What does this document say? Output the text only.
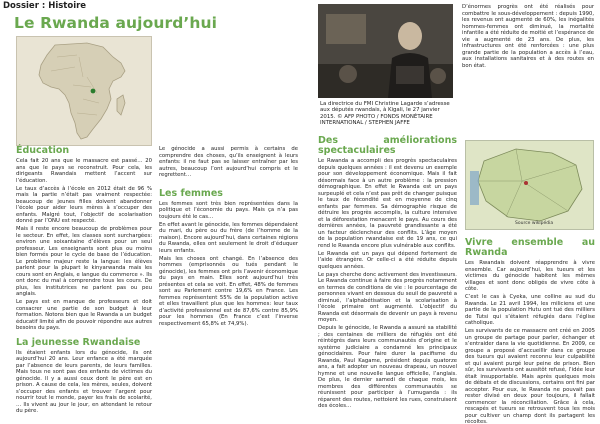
Dossier : Histoire
Le Rwanda aujourd’hui
Éducation

Cela fait 20 ans que le massacre est passé… 20 ans que le pays se reconstruit. Pour cela, les dirigeants Rwandais mettent l’accent sur l’éducation.

Le taux d’accès à l’école en 2012 était de 96 % mais la partie n’était pas vraiment respectée: beaucoup de jeunes filles doivent abandonner l’école pour aider leurs mères à s’occuper des enfants. Malgré tout, l’objectif de scolarisation donné par l’ONU est respecté.

Mais il reste encore beaucoup de problèmes pour le secteur. En effet, les classes sont surchargées: environ une soixantaine d’élèves pour un seul professeur. Les enseignants sont plus ou moins bien formés pour le cycle de base de l’éducation. Le problème majeur reste la langue: les élèves parlent pour la plupart le kinyarwanda mais les cours sont en Anglais, e langue du commerce ». Ils ont donc du mal à comprendre tous les cours. De plus, les institutrices ne parlent pas ou peu anglais.

Le pays est en manque de professeurs et doit consacrer une partie de son budget à leur formation. Notons bien que le Rwanda a un budget éducatif limité afin de pouvoir répondre aux autres besoins du pays.

La jeunesse Rwandaise

Ils étaient enfants lors du génocide, ils ont aujourd’hui 20 ans. Leur enfance a été marquée par l’absence de leurs parents, de leurs familles. Mais tous ne sont pas des enfants de victimes du génocide. Il y a aussi ceux dont le père est en prison. A cause de cela, les mères, seules, doivent s’occuper des enfants et trouver l’argent pour nourrir tout le monde, payer les frais de scolarité, … Ils vivent au jour le jour, en attendant le retour du père.

Le génocide a aussi permis à certains de comprendre des choses, qu’ils enseignent à leurs enfants: il ne faut pas se laisser entraîner par les autres, beaucoup l’ont aujourd’hui compris et le regrettent…

Les femmes

Les femmes sont très bien représentées dans la politique et l’économie du pays. Mais ça n’a pas toujours été le cas…

En effet avant le génocide, les femmes dépendaient du mari, du père ou du frère (de l’homme de la maison). Encore aujourd’hui, dans certaines régions du Rwanda, elles ont seulement le droit d’éduquer leurs enfants.

Mais les choses ont changé. En l’absence des hommes (emprisonnés ou tués pendant le génocide), les femmes ont pris l’avenir économique du pays en main. Elles sont aujourd’hui très présentes et cela se voit. En effet, 48% de femmes sont au Parlement contre 19,6% en France. Les femmes représentent 55% de la population active et elles travaillent plus que les hommes: leur taux d’activité professionnel est de 87,6% contre 85,9% pour les hommes (En France c’est l’inverse respectivement 65,8% et 74,9%).

La directrice du FMI Christine Lagarde s’adresse aux députés rwandais, à Kigali, le 27 janvier 2015. © AFP PHOTO / FONDS MONÉTAIRE INTERNATIONAL / STEPHEN JAFFE
Des améliorations spectaculaires

Le Rwanda a accompli des progrès spectaculaires depuis quelques années : il est devenu un exemple pour son développement économique. Mais il fait désormais face à un autre problème : la pression démographique. En effet le Rwanda est un pays surpeuplé et cela n’est pas prêt de changer puisque le taux de fécondité est en moyenne de cinq enfants par femmes. Sa démographie risque de détruire les progrès accomplis, la culture intensive et la déforestation menacent le pays. Au cours des dernières années, la pauvreté grandissante a été un facteur déclencheur des conflits. L’âge moyen de la population rwandaise est de 19 ans, ce qui rend le Rwanda encore plus vulnérable aux conflits.

Le Rwanda est un pays qui dépend fortement de l’aide étrangère. Or celle-ci a été réduite depuis quelques années.

Le pays cherche donc activement des investisseurs. Le Rwanda continue à faire des progrès notamment en termes de conditions de vie : le pourcentage de personnes vivant en dessous du seuil de pauvreté a diminué, l’alphabétisation et la scolarisation à l’école primaire ont augmenté. L’objectif du Rwanda est désormais de devenir un pays à revenu moyen.

Depuis le génocide, le Rwanda a assuré sa stabilité ; des centaines de milliers de réfugiés ont été réintégrés dans leurs communautés d’origine et le système judiciaire a condamné les principaux génocidaires. Pour faire durer la pacifisme du Rwanda, Paul Kagame, président depuis quatorze ans, a fait adopter un nouveau drapeau, un nouvel hymne et une nouvelle langue officielle, l’anglais. De plus, le dernier samedi de chaque mois, les membres des différentes communautés se réunissent pour participer à l’umuganda : ils réparent des routes, nettoient les rues, construisent des écoles…

D’énormes progrès ont été réalisés pour combattre le sous-développement : depuis 1990, les revenus ont augmenté de 60%, les inégalités hommes-femmes ont diminué, la mortalité infantile a été réduite de moitié et l’espérance de vie a augmenté de 23 ans. De plus, les infrastructures ont été renforcées : une plus grande partie de la population a accès à l’eau, aux installations sanitaires et à des routes en bon état.

Source wikipédia
Vivre ensemble au Rwanda

Les Rwandais doivent réapprendre à vivre ensemble. Car aujourd’hui, les tueurs et les victimes du génocide habitent les mêmes villages et sont donc obligés de vivre côte à côte.

C’est le cas à Cyeka, une colline au sud du Rwanda. Le 21 avril 1994, les miliciens et une partie de la population Hutu ont tué des milliers de Tutsi qui s’étaient réfugiés dans l’église catholique.

Les survivants de ce massacre ont créé en 2005 un groupe de partage pour parler, échanger et s’entraider dans la vie quotidienne. En 2009, ce groupe a proposé d’accueillir dans ce groupe des tueurs qui avaient reconnu leur culpabilité et qui avaient purgé leur peine de prison. Bien sûr, les survivants ont aussitôt refusé, l’idée leur était insupportable. Mais après quelques mois de débats et de discussions, certains ont fini par accepter. Pour eux, le Rwanda ne pouvait pas rester divisé en deux pour toujours, il fallait commencer la réconciliation. Grâce à cela, rescapés et tueurs se retrouvent tous les mois pour cultiver un champ dont ils partagent les récoltes.
